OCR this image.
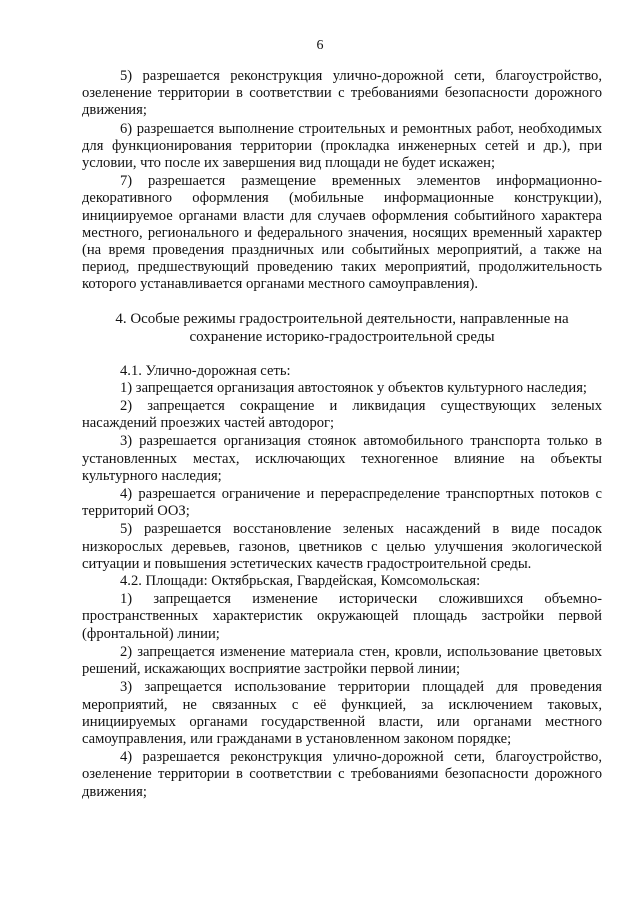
6

5) разрешается реконструкция улично-дорожной сети, благоустройство, озеленение территории в соответствии с требованиями безопасности дорожного движения;

6) разрешается выполнение строительных и ремонтных работ, необходимых для функционирования территории (прокладка инженерных сетей и др.), при условии, что после их завершения вид площади не будет искажен;

7) разрешается размещение временных элементов информационно-декоративного оформления (мобильные информационные конструкции), инициируемое органами власти для случаев оформления событийного характера местного, регионального и федерального значения, носящих временный характер (на время проведения праздничных или событийных мероприятий, а также на период, предшествующий проведению таких мероприятий, продолжительность которого устанавливается органами местного самоуправления).

4. Особые режимы градостроительной деятельности, направленные на
сохранение историко-градостроительной среды

4.1. Улично-дорожная сеть:

1) запрещается организация автостоянок у объектов культурного наследия;

2) запрещается сокращение и ликвидация существующих зеленых насаждений проезжих частей автодорог;

3) разрешается организация стоянок автомобильного транспорта только в установленных местах, исключающих техногенное влияние на объекты культурного наследия;

4) разрешается ограничение и перераспределение транспортных потоков с территорий ООЗ;

5) разрешается восстановление зеленых насаждений в виде посадок низкорослых деревьев, газонов, цветников с целью улучшения экологической ситуации и повышения эстетических качеств градостроительной среды.

4.2. Площади: Октябрьская, Гвардейская, Комсомольская:

1) запрещается изменение исторически сложившихся объемно-пространственных характеристик окружающей площадь застройки первой (фронтальной) линии;

2) запрещается изменение материала стен, кровли, использование цветовых решений, искажающих восприятие застройки первой линии;

3) запрещается использование территории площадей для проведения мероприятий, не связанных с её функцией, за исключением таковых, инициируемых органами государственной власти, или органами местного самоуправления, или гражданами в установленном законом порядке;

4) разрешается реконструкция улично-дорожной сети, благоустройство, озеленение территории в соответствии с требованиями безопасности дорожного движения;
